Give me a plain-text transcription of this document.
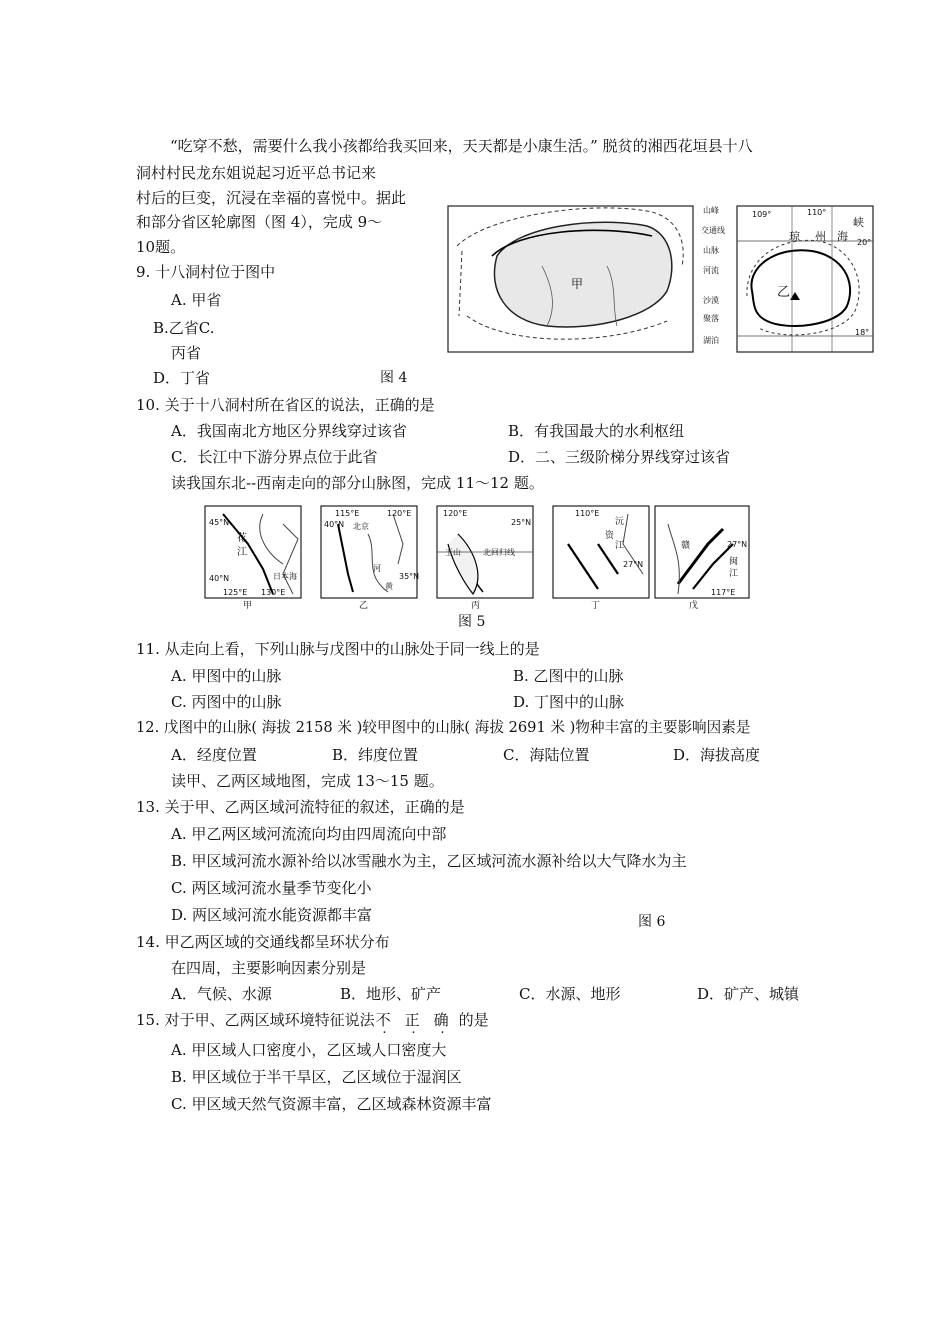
“吃穿不愁，需要什么我小孩都给我买回来，天天都是小康生活。” 脱贫的湘西花垣县十八
洞村村民龙东姐说起习近平总书记来
村后的巨变，沉浸在幸福的喜悦中。据此
和部分省区轮廓图（图 4），完成 9～
10题。
甲
乙
109°	110°
琼 州 海
峡
20°
18°
山峰
交通线
山脉
河流
沙漠
聚落
湖泊
9. 十八洞村位于图中
A. 甲省
B.乙省C.
丙省
D．丁省	图 4
10. 关于十八洞村所在省区的说法，正确的是
A．我国南北方地区分界线穿过该省	B．有我国最大的水利枢纽
C．长江中下游分界点位于此省	D．二、三级阶梯分界线穿过该省
读我国东北--西南走向的部分山脉图，完成 11～12 题。
45°N
花
江
40°N
125°E 130°E
日本海
115°E	120°E
40°N 北京
35°N
河
黄
120°E
25°N
玉山	北回归线
110°E
27°N
沅
资
江	27°N
闽
江
赣
117°E
甲	乙	丙	丁	戊
图 5
11. 从走向上看，下列山脉与戊图中的山脉处于同一线上的是
A. 甲图中的山脉	B. 乙图中的山脉
C. 丙图中的山脉	D. 丁图中的山脉
12. 戊图中的山脉( 海拔 2158 米 )较甲图中的山脉( 海拔 2691 米 )物种丰富的主要影响因素是
A．经度位置	B．纬度位置	C．海陆位置	D．海拔高度
读甲、乙两区域地图，完成 13～15 题。
13. 关于甲、乙两区域河流特征的叙述，正确的是
A. 甲乙两区域河流流向均由四周流向中部
B. 甲区域河流水源补给以冰雪融水为主，乙区域河流水源补给以大气降水为主
C. 两区域河流水量季节变化小
D. 两区域河流水能资源都丰富	图 6
14. 甲乙两区域的交通线都呈环状分布
在四周，主要影响因素分别是
A．气候、水源	B．地形、矿产	C．水源、地形	D．矿产、城镇
15. 对于甲、乙两区域环境特征说法不 正 确 的是
A. 甲区域人口密度小，乙区域人口密度大
B. 甲区域位于半干旱区，乙区域位于湿润区
C. 甲区域天然气资源丰富，乙区域森林资源丰富
